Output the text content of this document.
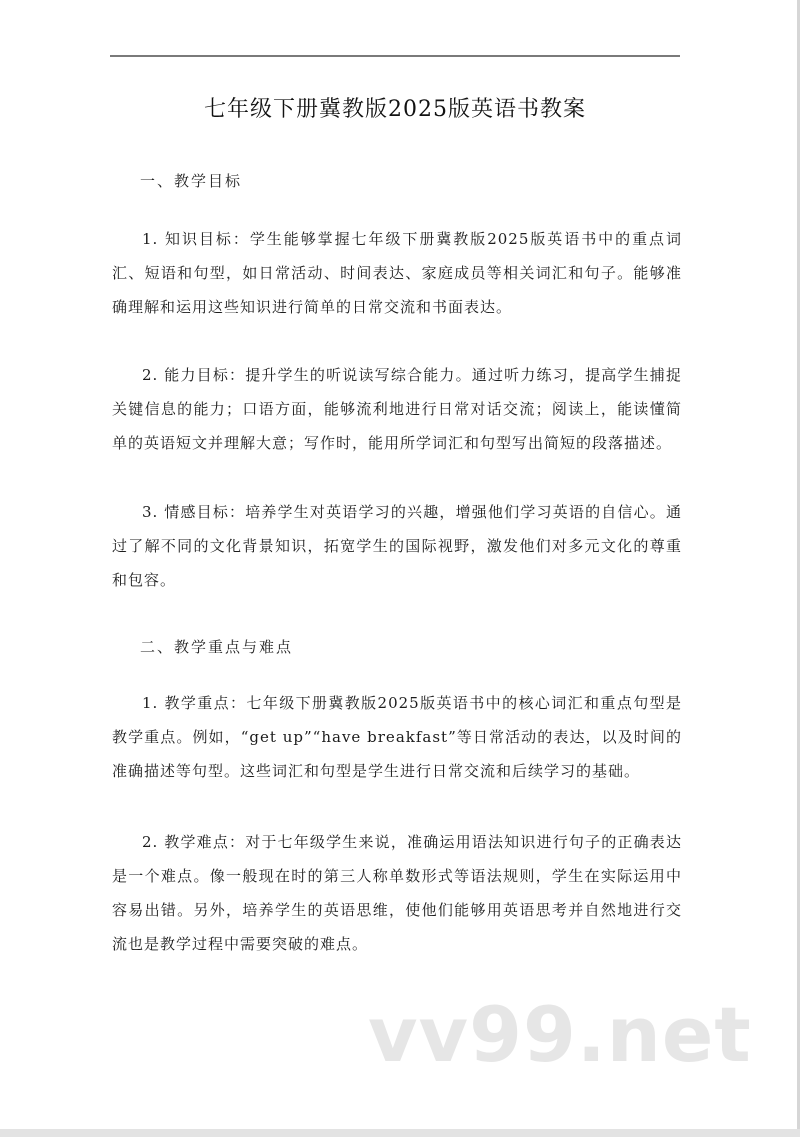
七年级下册冀教版2025版英语书教案
一、教学目标
1. 知识目标：学生能够掌握七年级下册冀教版2025版英语书中的重点词汇、短语和句型，如日常活动、时间表达、家庭成员等相关词汇和句子。能够准确理解和运用这些知识进行简单的日常交流和书面表达。
2. 能力目标：提升学生的听说读写综合能力。通过听力练习，提高学生捕捉关键信息的能力；口语方面，能够流利地进行日常对话交流；阅读上，能读懂简单的英语短文并理解大意；写作时，能用所学词汇和句型写出简短的段落描述。
3. 情感目标：培养学生对英语学习的兴趣，增强他们学习英语的自信心。通过了解不同的文化背景知识，拓宽学生的国际视野，激发他们对多元文化的尊重和包容。
二、教学重点与难点
1. 教学重点：七年级下册冀教版2025版英语书中的核心词汇和重点句型是教学重点。例如，“get up”“have breakfast”等日常活动的表达，以及时间的准确描述等句型。这些词汇和句型是学生进行日常交流和后续学习的基础。
2. 教学难点：对于七年级学生来说，准确运用语法知识进行句子的正确表达是一个难点。像一般现在时的第三人称单数形式等语法规则，学生在实际运用中容易出错。另外，培养学生的英语思维，使他们能够用英语思考并自然地进行交流也是教学过程中需要突破的难点。
vv99.net
